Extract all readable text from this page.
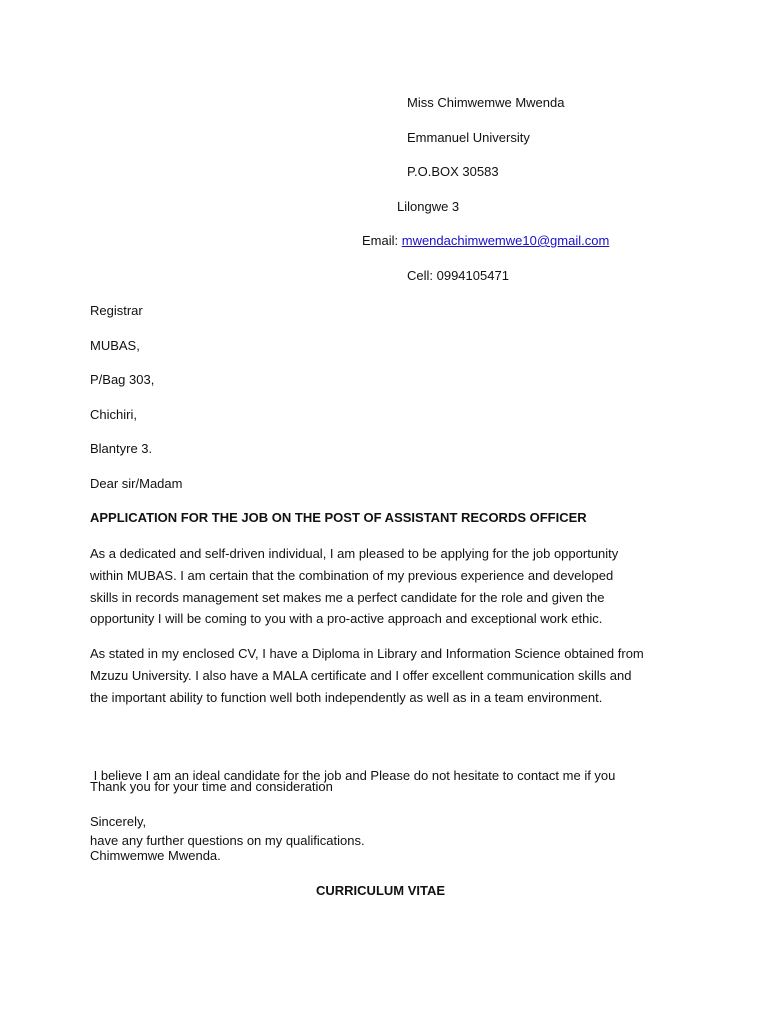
Miss Chimwemwe Mwenda
Emmanuel University
P.O.BOX 30583
Lilongwe 3
Email: mwendachimwemwe10@gmail.com
Cell: 0994105471
Registrar
MUBAS,
P/Bag 303,
Chichiri,
Blantyre 3.
Dear sir/Madam
APPLICATION FOR THE JOB ON THE POST OF ASSISTANT RECORDS OFFICER
As a dedicated and self-driven individual, I am pleased to be applying for the job opportunity
within MUBAS. I am certain that the combination of my previous experience and developed
skills in records management set makes me a perfect candidate for the role and given the
opportunity I will be coming to you with a pro-active approach and exceptional work ethic.
As stated in my enclosed CV, I have a Diploma in Library and Information Science obtained from
Mzuzu University. I also have a MALA certificate and I offer excellent communication skills and
the important ability to function well both independently as well as in a team environment.

I believe I am an ideal candidate for the job and Please do not hesitate to contact me if you

have any further questions on my qualifications.

Thank you for your time and consideration
Sincerely,
Chimwemwe Mwenda.
CURRICULUM VITAE
